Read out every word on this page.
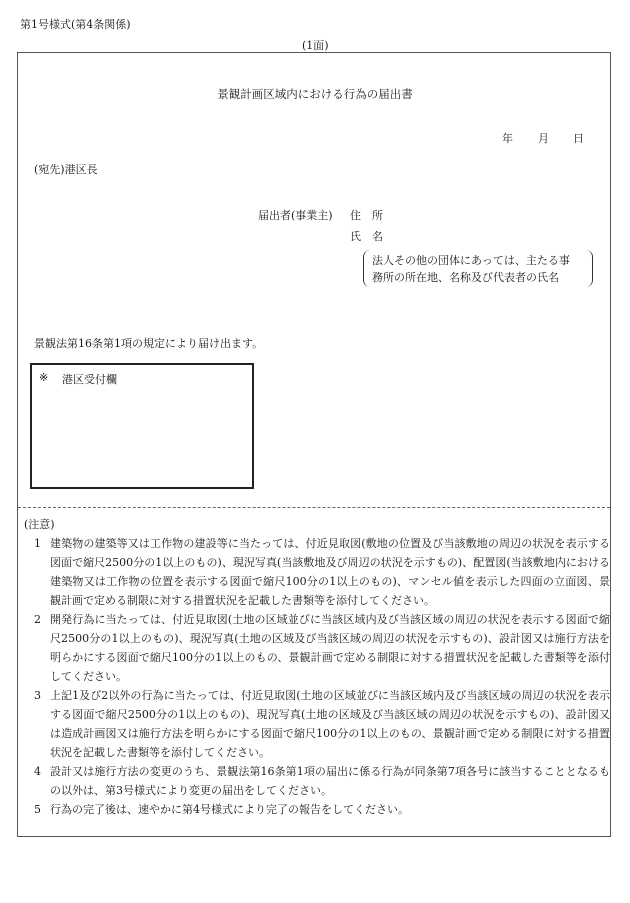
第1号様式(第4条関係)
(1面)
景観計画区域内における行為の届出書
年 月 日
(宛先)港区長
届出者(事業主) 住　所
氏　名
法人その他の団体にあっては、主たる事
務所の所在地、名称及び代表者の氏名
景観法第16条第1項の規定により届け出ます。
※ 港区受付欄
(注意)
1 建築物の建築等又は工作物の建設等に当たっては、付近見取図(敷地の位置及び当該敷地の周辺の状況を表示する図面で縮尺2500分の1以上のもの)、現況写真(当該敷地及び周辺の状況を示すもの)、配置図(当該敷地内における建築物又は工作物の位置を表示する図面で縮尺100分の1以上のもの)、マンセル値を表示した四面の立面図、景観計画で定める制限に対する措置状況を記載した書類等を添付してください。
2 開発行為に当たっては、付近見取図(土地の区域並びに当該区域内及び当該区域の周辺の状況を表示する図面で縮尺2500分の1以上のもの)、現況写真(土地の区域及び当該区域の周辺の状況を示すもの)、設計図又は施行方法を明らかにする図面で縮尺100分の1以上のもの、景観計画で定める制限に対する措置状況を記載した書類等を添付してください。
3 上記1及び2以外の行為に当たっては、付近見取図(土地の区域並びに当該区域内及び当該区域の周辺の状況を表示する図面で縮尺2500分の1以上のもの)、現況写真(土地の区域及び当該区域の周辺の状況を示すもの)、設計図又は造成計画図又は施行方法を明らかにする図面で縮尺100分の1以上のもの、景観計画で定める制限に対する措置状況を記載した書類等を添付してください。
4 設計又は施行方法の変更のうち、景観法第16条第1項の届出に係る行為が同条第7項各号に該当することとなるもの以外は、第3号様式により変更の届出をしてください。
5 行為の完了後は、速やかに第4号様式により完了の報告をしてください。
